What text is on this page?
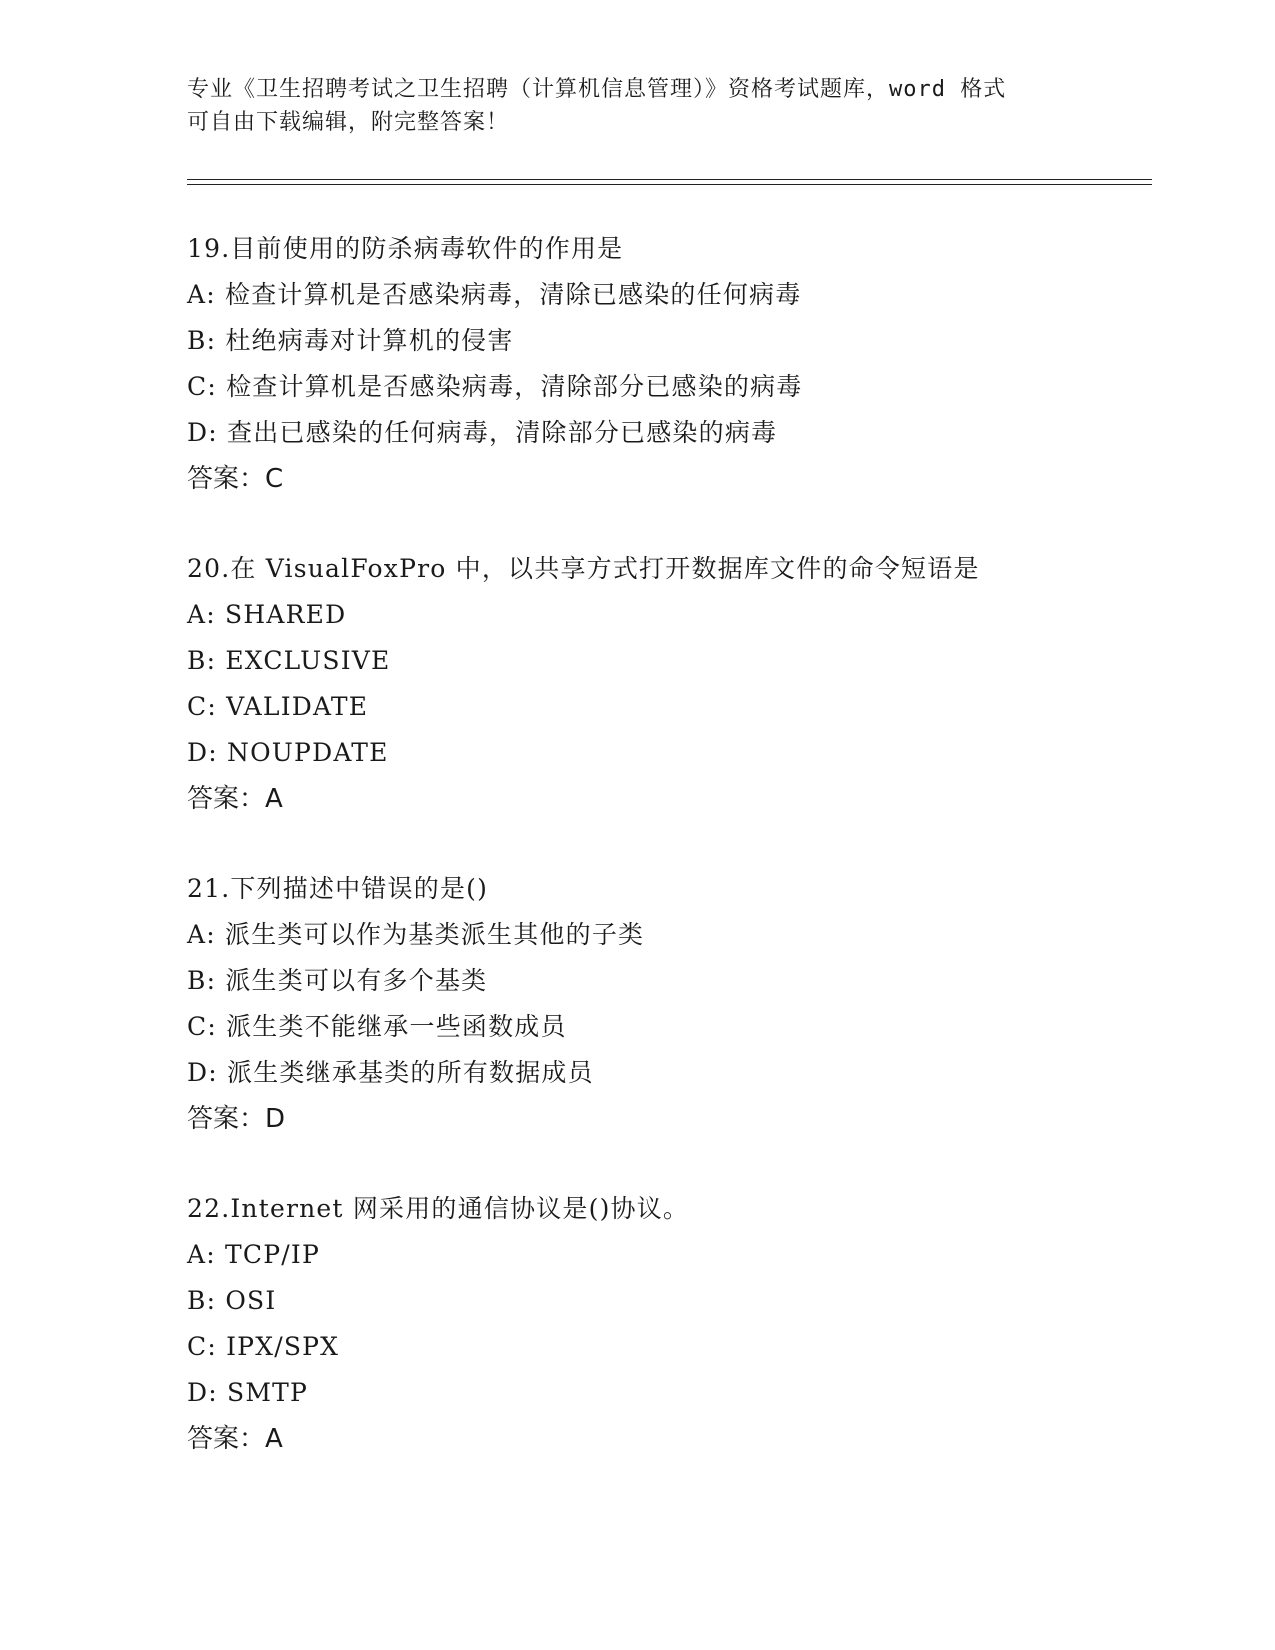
专业《卫生招聘考试之卫生招聘（计算机信息管理）》资格考试题库，word 格式
可自由下载编辑，附完整答案！
19.目前使用的防杀病毒软件的作用是
A: 检查计算机是否感染病毒，清除已感染的任何病毒
B: 杜绝病毒对计算机的侵害
C: 检查计算机是否感染病毒，清除部分已感染的病毒
D: 查出已感染的任何病毒，清除部分已感染的病毒
答案：C
20.在 VisualFoxPro 中，以共享方式打开数据库文件的命令短语是
A: SHARED
B: EXCLUSIVE
C: VALIDATE
D: NOUPDATE
答案：A
21.下列描述中错误的是()
A: 派生类可以作为基类派生其他的子类
B: 派生类可以有多个基类
C: 派生类不能继承一些函数成员
D: 派生类继承基类的所有数据成员
答案：D
22.Internet 网采用的通信协议是()协议。
A: TCP/IP
B: OSI
C: IPX/SPX
D: SMTP
答案：A
